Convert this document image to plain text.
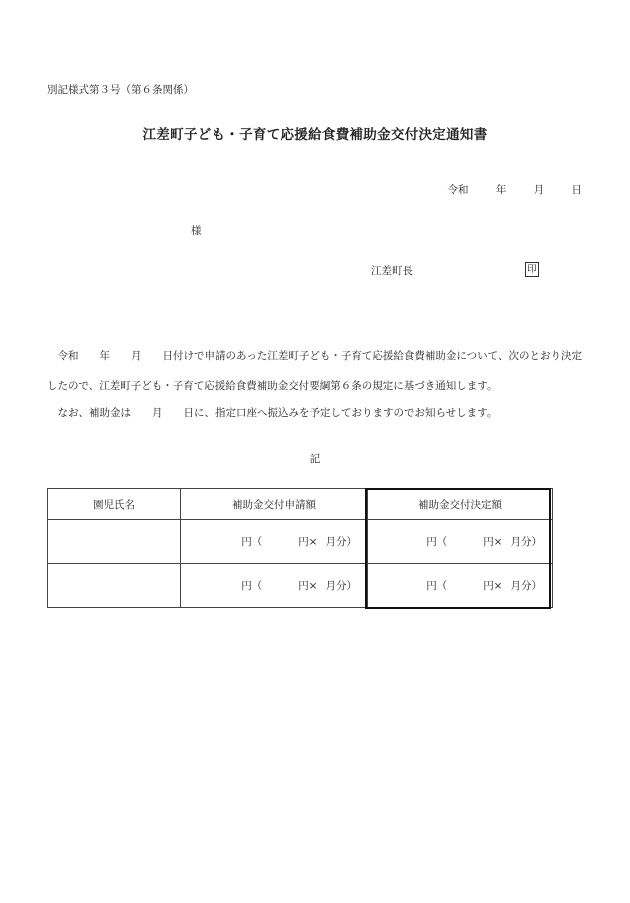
別記様式第３号（第６条関係）
江差町子ども・子育て応援給食費補助金交付決定通知書
令和	年	月	日
様
江差町長	印
　令和　　年　　月　　日付けで申請のあった江差町子ども・子育て応援給食費補助金について、次のとおり決定したので、江差町子ども・子育て応援給食費補助金交付要綱第６条の規定に基づき通知します。
　なお、補助金は　　月　　日に、指定口座へ振込みを予定しておりますのでお知らせします。
記
園児氏名	補助金交付申請額	補助金交付決定額
	円（ 円× 月分）	円（ 円× 月分）
	円（ 円× 月分）	円（ 円× 月分）
